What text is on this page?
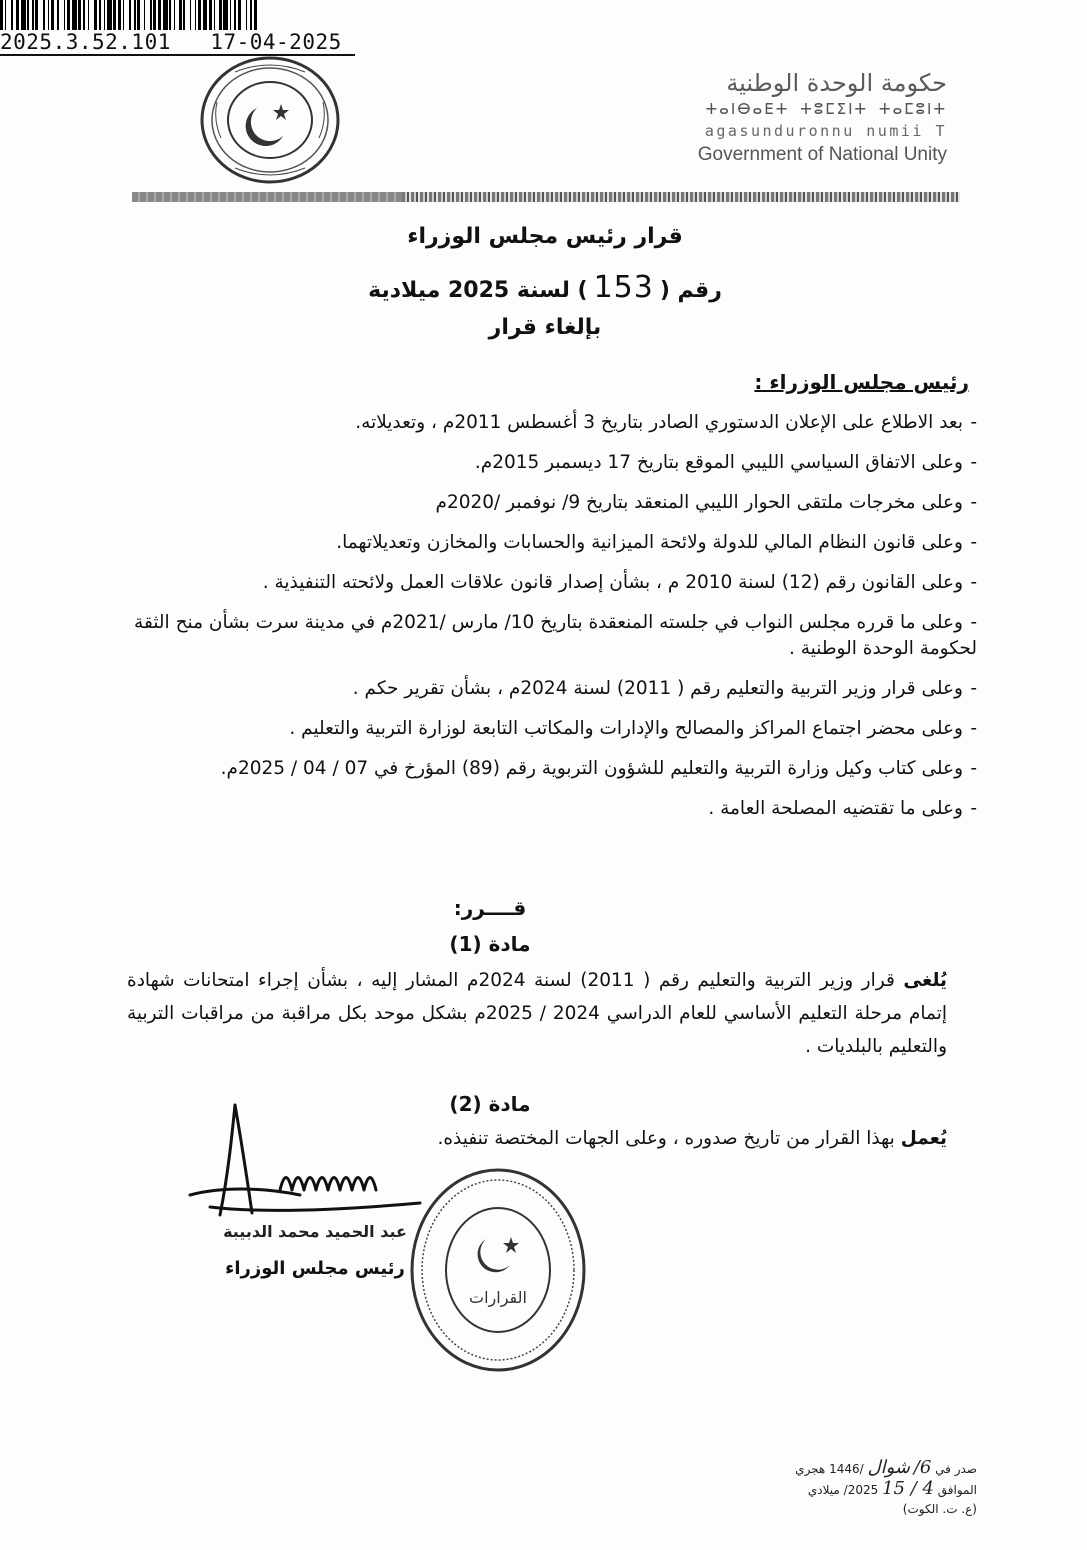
2025.3.52.101 17-04-2025
حكومة الوحدة الوطنية
ⵜⴰⵏⴱⴰⴹⵜ ⵜⵓⵎⵉⵏⵜ ⵜⴰⵎⵓⵏⵜ
agasunduronnu numii T
Government of National Unity
قرار رئيس مجلس الوزراء
رقم (153) لسنة 2025 ميلادية
بإلغاء قرار
رئيس مجلس الوزراء :
-بعد الاطلاع على الإعلان الدستوري الصادر بتاريخ 3 أغسطس 2011م ، وتعديلاته.
-وعلى الاتفاق السياسي الليبي الموقع بتاريخ 17 ديسمبر 2015م.
-وعلى مخرجات ملتقى الحوار الليبي المنعقد بتاريخ 9/ نوفمبر /2020م
-وعلى قانون النظام المالي للدولة ولائحة الميزانية والحسابات والمخازن وتعديلاتهما.
-وعلى القانون رقم (12) لسنة 2010 م ، بشأن إصدار قانون علاقات العمل ولائحته التنفيذية .
-وعلى ما قرره مجلس النواب في جلسته المنعقدة بتاريخ 10/ مارس /2021م في مدينة سرت بشأن منح الثقة لحكومة الوحدة الوطنية .
-وعلى قرار وزير التربية والتعليم رقم ( 2011) لسنة 2024م ، بشأن تقرير حكم .
-وعلى محضر اجتماع المراكز والمصالح والإدارات والمكاتب التابعة لوزارة التربية والتعليم .
-وعلى كتاب وكيل وزارة التربية والتعليم للشؤون التربوية رقم (89) المؤرخ في 07 / 04 / 2025م.
-وعلى ما تقتضيه المصلحة العامة .
قــــرر:
مادة (1)
يُلغى قرار وزير التربية والتعليم رقم ( 2011) لسنة 2024م المشار إليه ، بشأن إجراء امتحانات شهادة إتمام مرحلة التعليم الأساسي للعام الدراسي 2024 / 2025م بشكل موحد بكل مراقبة من مراقبات التربية والتعليم بالبلديات .
مادة (2)
يُعمل بهذا القرار من تاريخ صدوره ، وعلى الجهات المختصة تنفيذه.
عبد الحميد محمد الدبيبة
رئيس مجلس الوزراء
القرارات
صدر في 6/ شوال /1446 هجري
الموافق 4 / 15 2025/ ميلادي
(ع. ت. الكوت)
